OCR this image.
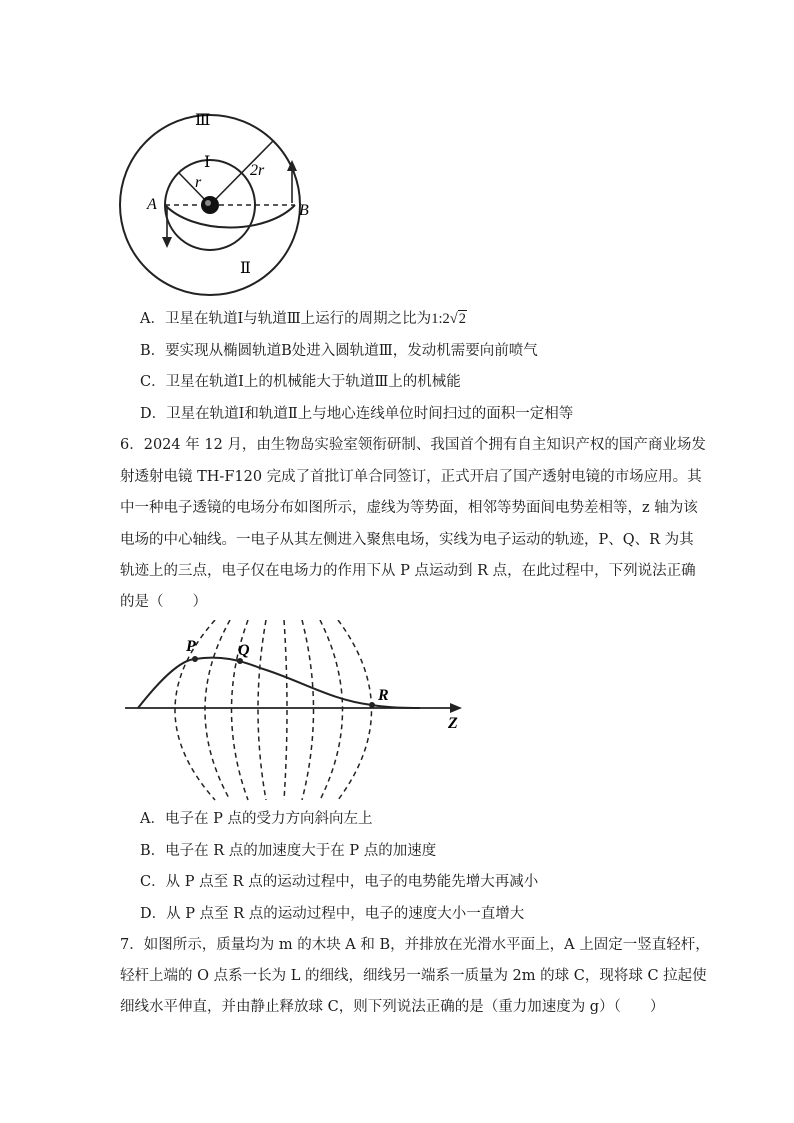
Ⅲ
Ⅰ
Ⅱ
r
2r
A	B
A．卫星在轨道Ⅰ与轨道Ⅲ上运行的周期之比为1:2√2
B．要实现从椭圆轨道B处进入圆轨道Ⅲ，发动机需要向前喷气
C．卫星在轨道Ⅰ上的机械能大于轨道Ⅲ上的机械能
D．卫星在轨道Ⅰ和轨道Ⅱ上与地心连线单位时间扫过的面积一定相等
6．2024 年 12 月，由生物岛实验室领衔研制、我国首个拥有自主知识产权的国产商业场发
射透射电镜 TH-F120 完成了首批订单合同签订，正式开启了国产透射电镜的市场应用。其
中一种电子透镜的电场分布如图所示，虚线为等势面，相邻等势面间电势差相等，z 轴为该
电场的中心轴线。一电子从其左侧进入聚焦电场，实线为电子运动的轨迹，P、Q、R 为其
轨迹上的三点，电子仅在电场力的作用下从 P 点运动到 R 点，在此过程中，下列说法正确
的是（　　）
P	Q
R
Z
A．电子在 P 点的受力方向斜向左上
B．电子在 R 点的加速度大于在 P 点的加速度
C．从 P 点至 R 点的运动过程中，电子的电势能先增大再减小
D．从 P 点至 R 点的运动过程中，电子的速度大小一直增大
7．如图所示，质量均为 m 的木块 A 和 B，并排放在光滑水平面上，A 上固定一竖直轻杆，
轻杆上端的 O 点系一长为 L 的细线，细线另一端系一质量为 2m 的球 C，现将球 C 拉起使
细线水平伸直，并由静止释放球 C，则下列说法正确的是（重力加速度为 g）（　　）
